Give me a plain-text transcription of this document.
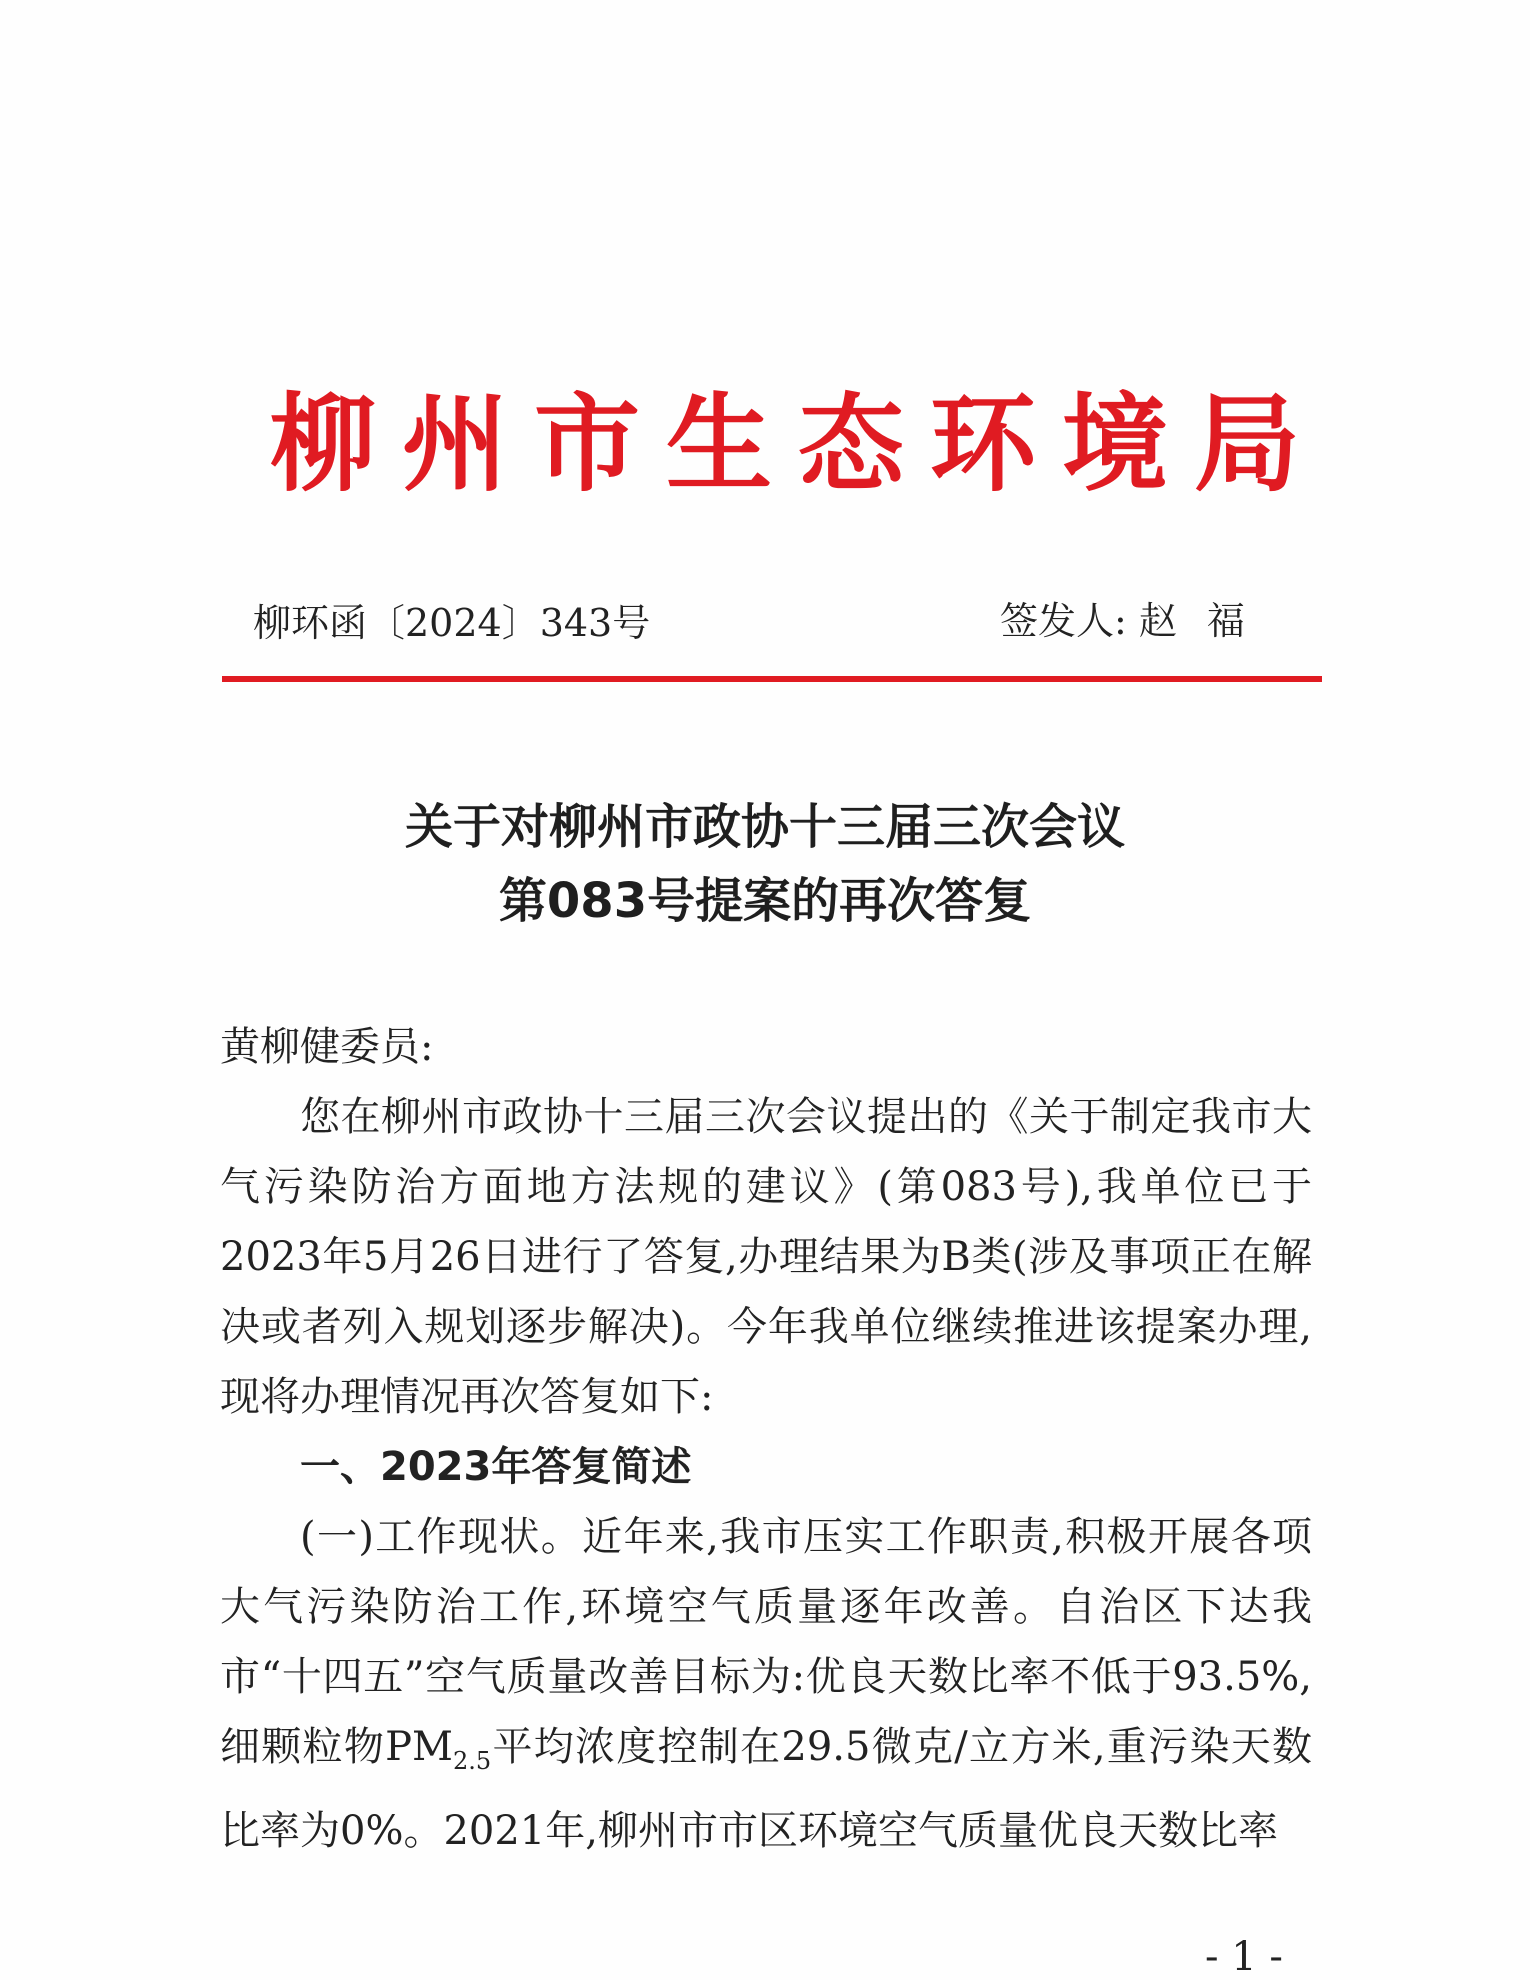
柳州市生态环境局
柳环函〔2024〕343号	签发人: 赵福
关于对柳州市政协十三届三次会议
第083号提案的再次答复

黄柳健委员:

您在柳州市政协十三届三次会议提出的《关于制定我市大气污染防治方面地方法规的建议》(第083号),我单位已于2023年5月26日进行了答复,办理结果为B类(涉及事项正在解决或者列入规划逐步解决)。今年我单位继续推进该提案办理,现将办理情况再次答复如下:

一、2023年答复简述

(一)工作现状。近年来,我市压实工作职责,积极开展各项大气污染防治工作,环境空气质量逐年改善。自治区下达我市“十四五”空气质量改善目标为:优良天数比率不低于93.5%,细颗粒物$PM_{2.5}$平均浓度控制在29.5微克/立方米,重污染天数比率为0%。2021年,柳州市市区环境空气质量优良天数比率

- 1 -
